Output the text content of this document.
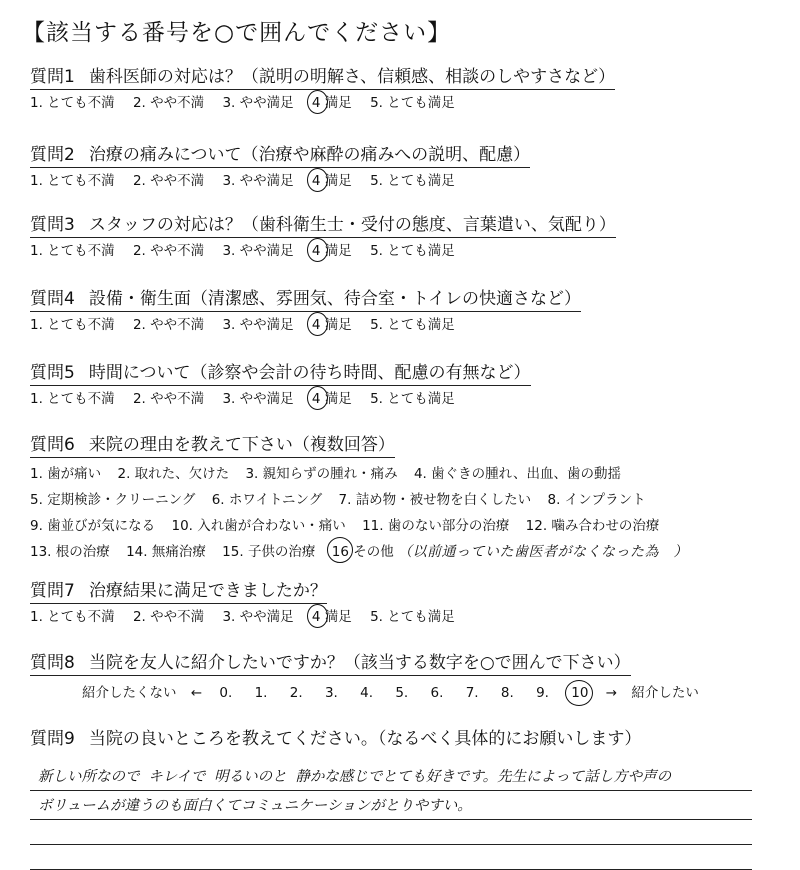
【該当する番号を○で囲んでください】
質問1 歯科医師の対応は？（説明の明解さ、信頼感、相談のしやすさなど）
1. とても不満 2. やや不満 3. やや満足 4 満足 5. とても満足
質問2 治療の痛みについて（治療や麻酔の痛みへの説明、配慮）
1. とても不満 2. やや不満 3. やや満足 4 満足 5. とても満足
質問3 スタッフの対応は？（歯科衛生士・受付の態度、言葉遣い、気配り）
1. とても不満 2. やや不満 3. やや満足 4 満足 5. とても満足
質問4 設備・衛生面（清潔感、雰囲気、待合室・トイレの快適さなど）
1. とても不満 2. やや不満 3. やや満足 4 満足 5. とても満足
質問5 時間について（診察や会計の待ち時間、配慮の有無など）
1. とても不満 2. やや不満 3. やや満足 4 満足 5. とても満足
質問6 来院の理由を教えて下さい（複数回答）
1. 歯が痛い 2. 取れた、欠けた 3. 親知らずの腫れ・痛み 4. 歯ぐきの腫れ、出血、歯の動揺
5. 定期検診・クリーニング 6. ホワイトニング 7. 詰め物・被せ物を白くしたい 8. インプラント
9. 歯並びが気になる 10. 入れ歯が合わない・痛い 11. 歯のない部分の治療 12. 噛み合わせの治療
13. 根の治療 14. 無痛治療 15. 子供の治療 16 その他 （以前通っていた歯医者がなくなった為　）
質問7 治療結果に満足できましたか？
1. とても不満 2. やや不満 3. やや満足 4 満足 5. とても満足
質問8 当院を友人に紹介したいですか？（該当する数字を○で囲んで下さい）
紹介したくない ← 0. 1. 2. 3. 4. 5. 6. 7. 8. 9. 10 → 紹介したい
質問9 当院の良いところを教えてください。（なるべく具体的にお願いします）
新しい所なので キレイで 明るいのと 静かな感じでとても好きです。先生によって話し方や声の
ボリュームが違うのも面白くてコミュニケーションがとりやすい。
